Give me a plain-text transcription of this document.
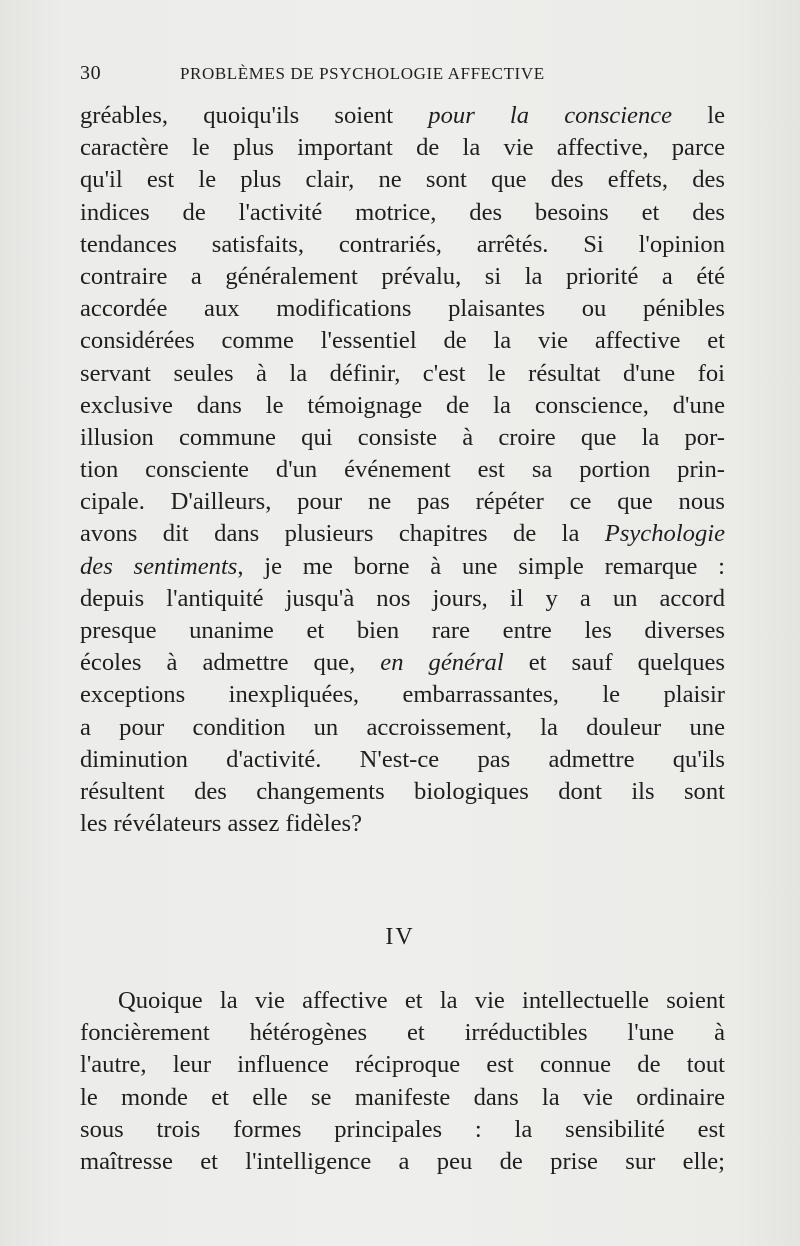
30	PROBLÈMES DE PSYCHOLOGIE AFFECTIVE
gréables, quoiqu'ils soient pour la conscience le
caractère le plus important de la vie affective, parce
qu'il est le plus clair, ne sont que des effets, des
indices de l'activité motrice, des besoins et des
tendances satisfaits, contrariés, arrêtés. Si l'opinion
contraire a généralement prévalu, si la priorité a été
accordée aux modifications plaisantes ou pénibles
considérées comme l'essentiel de la vie affective et
servant seules à la définir, c'est le résultat d'une foi
exclusive dans le témoignage de la conscience, d'une
illusion commune qui consiste à croire que la por-
tion consciente d'un événement est sa portion prin-
cipale. D'ailleurs, pour ne pas répéter ce que nous
avons dit dans plusieurs chapitres de la Psychologie
des sentiments, je me borne à une simple remarque :
depuis l'antiquité jusqu'à nos jours, il y a un accord
presque unanime et bien rare entre les diverses
écoles à admettre que, en général et sauf quelques
exceptions inexpliquées, embarrassantes, le plaisir
a pour condition un accroissement, la douleur une
diminution d'activité. N'est-ce pas admettre qu'ils
résultent des changements biologiques dont ils sont
les révélateurs assez fidèles?
IV
Quoique la vie affective et la vie intellectuelle soient
foncièrement hétérogènes et irréductibles l'une à
l'autre, leur influence réciproque est connue de tout
le monde et elle se manifeste dans la vie ordinaire
sous trois formes principales : la sensibilité est
maîtresse et l'intelligence a peu de prise sur elle;
